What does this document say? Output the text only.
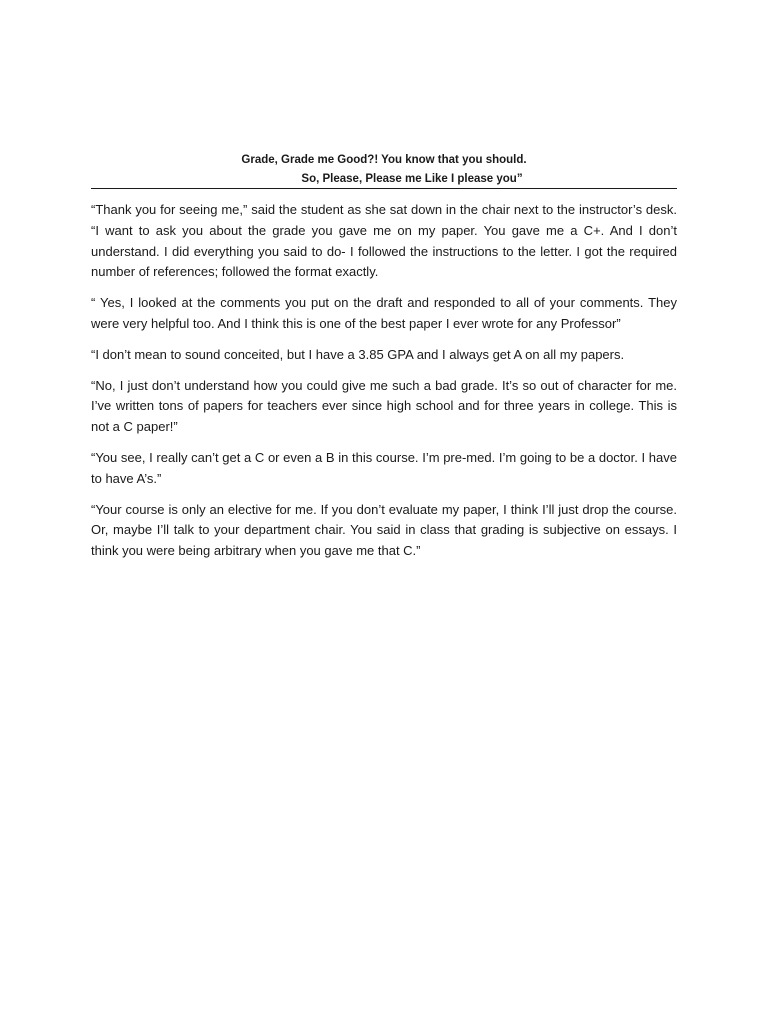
Grade, Grade me Good?! You know that you should.
So, Please, Please me Like I please you”

“Thank you for seeing me,” said the student as she sat down in the chair next to the instructor’s desk. “I want to ask you about the grade you gave me on my paper. You gave me a C+. And I don’t understand. I did everything you said to do- I followed the instructions to the letter. I got the required number of references; followed the format exactly.

“ Yes, I looked at the comments you put on the draft and responded to all of your comments. They were very helpful too. And I think this is one of the best paper I ever wrote for any Professor”

“I don’t mean to sound conceited, but I have a 3.85 GPA and I always get A on all my papers.

“No, I just don’t understand how you could give me such a bad grade. It’s so out of character for me. I’ve written tons of papers for teachers ever since high school and for three years in college. This is not a C paper!”

“You see, I really can’t get a C or even a B in this course. I’m pre-med. I’m going to be a doctor. I have to have A’s.”

“Your course is only an elective for me. If you don’t evaluate my paper, I think I’ll just drop the course. Or, maybe I’ll talk to your department chair. You said in class that grading is subjective on essays. I think you were being arbitrary when you gave me that C.”
